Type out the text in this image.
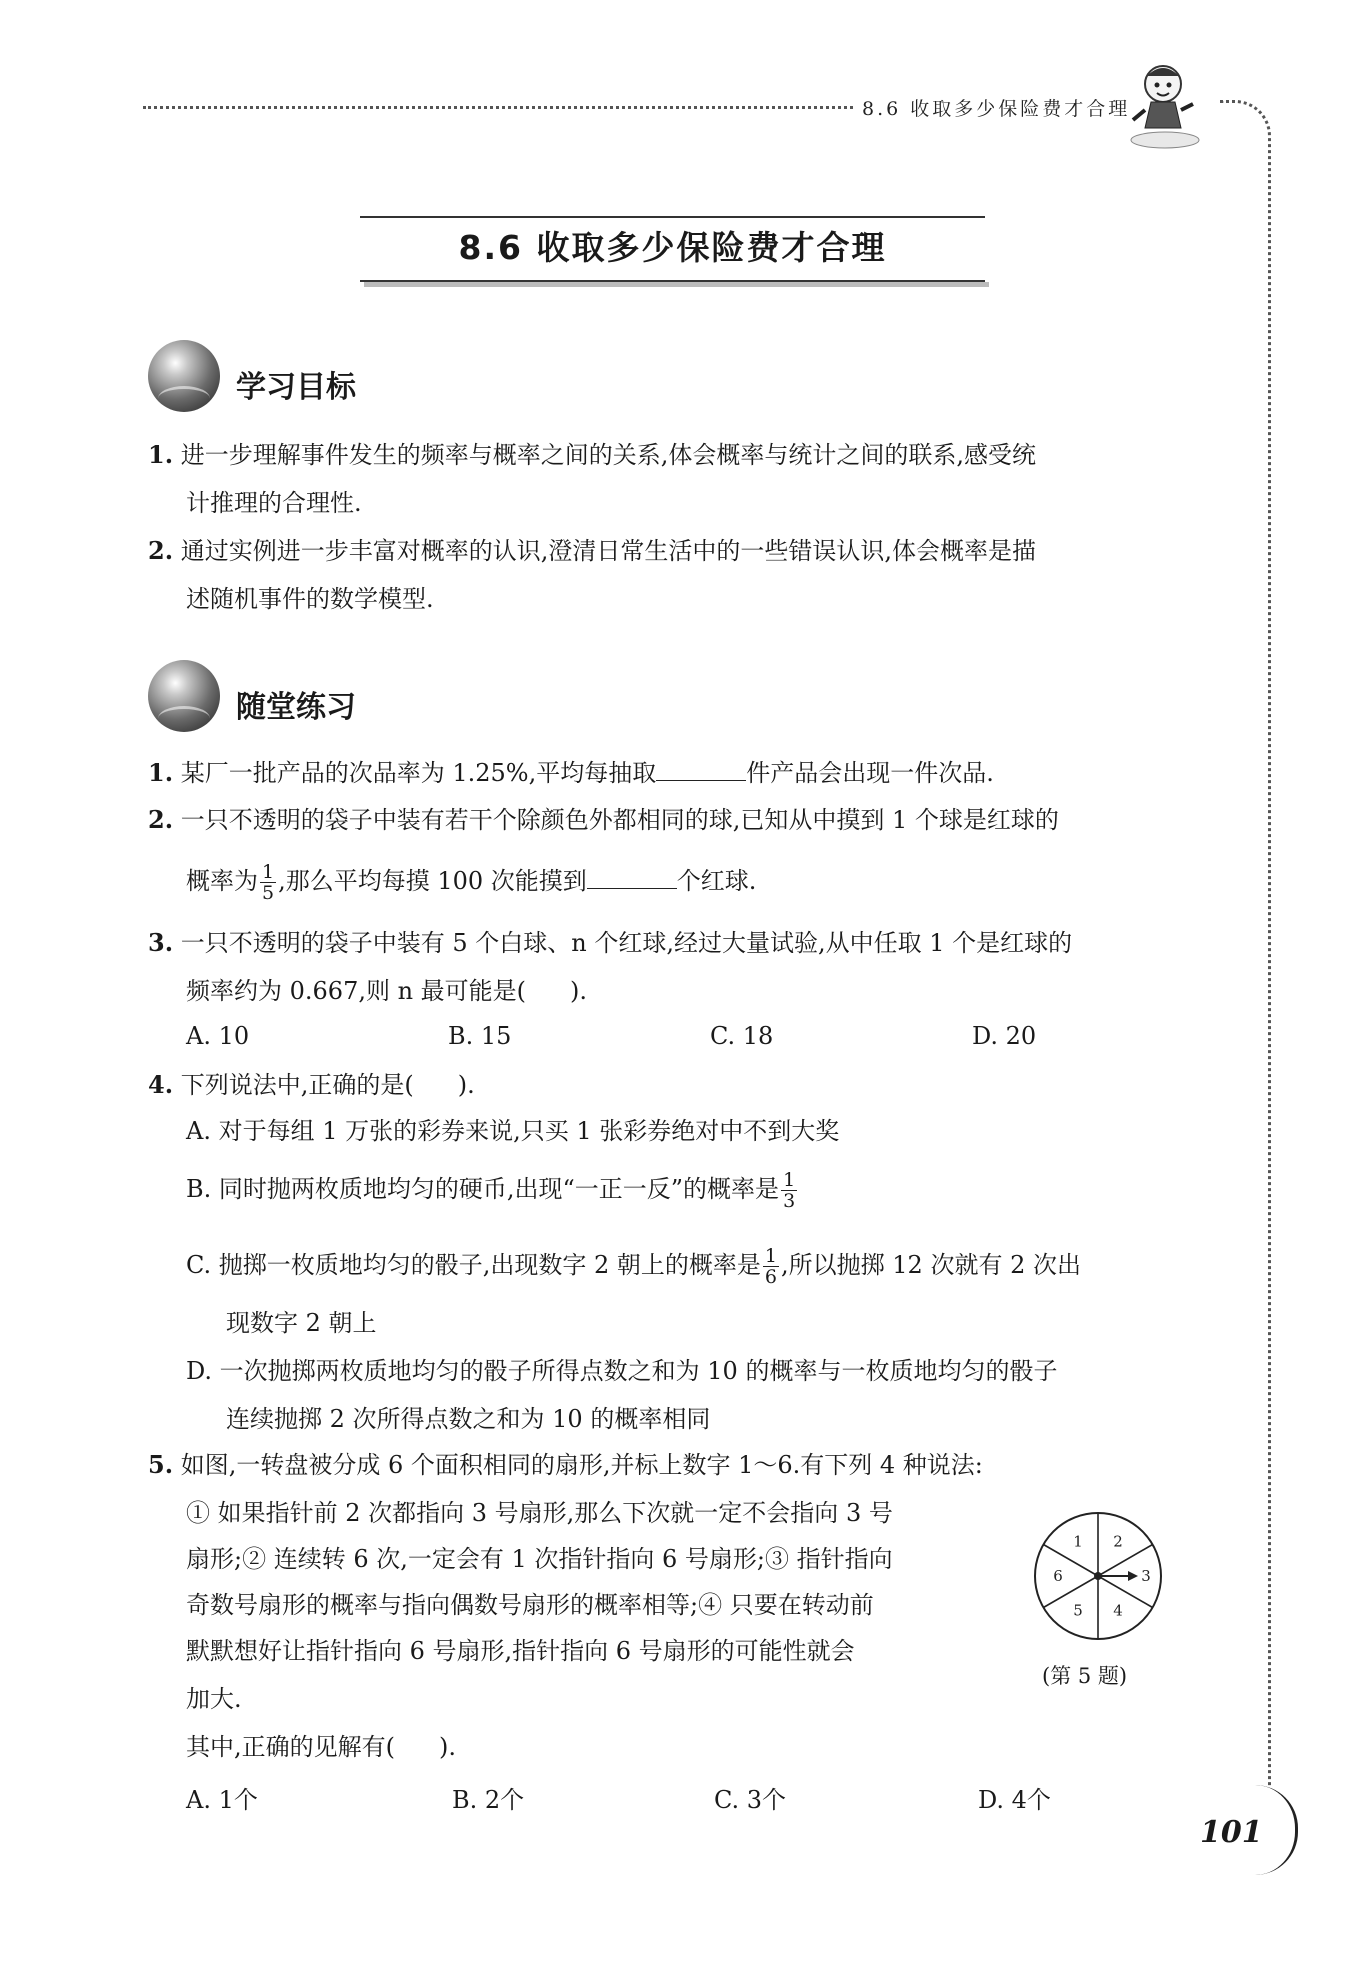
8.6 收取多少保险费才合理
101
8.6 收取多少保险费才合理
学习目标
1. 进一步理解事件发生的频率与概率之间的关系,体会概率与统计之间的联系,感受统
计推理的合理性.
2. 通过实例进一步丰富对概率的认识,澄清日常生活中的一些错误认识,体会概率是描
述随机事件的数学模型.
随堂练习
1. 某厂一批产品的次品率为 1.25%,平均每抽取	件产品会出现一件次品.
2. 一只不透明的袋子中装有若干个除颜色外都相同的球,已知从中摸到 1 个球是红球的
概率为 $\frac{1}{5}$ ,那么平均每摸 100 次能摸到	个红球.
3. 一只不透明的袋子中装有 5 个白球、n 个红球,经过大量试验,从中任取 1 个是红球的
频率约为 0.667,则 n 最可能是( ).
A. 10	B. 15	C. 18	D. 20
4. 下列说法中,正确的是( ).
A. 对于每组 1 万张的彩券来说,只买 1 张彩券绝对中不到大奖
B. 同时抛两枚质地均匀的硬币,出现“一正一反”的概率是 $\frac{1}{3}$
C. 抛掷一枚质地均匀的骰子,出现数字 2 朝上的概率是 $\frac{1}{6}$ ,所以抛掷 12 次就有 2 次出
现数字 2 朝上
D. 一次抛掷两枚质地均匀的骰子所得点数之和为 10 的概率与一枚质地均匀的骰子
连续抛掷 2 次所得点数之和为 10 的概率相同
5. 如图,一转盘被分成 6 个面积相同的扇形,并标上数字 1～6.有下列 4 种说法:
① 如果指针前 2 次都指向 3 号扇形,那么下次就一定不会指向 3 号
扇形;② 连续转 6 次,一定会有 1 次指针指向 6 号扇形;③ 指针指向
奇数号扇形的概率与指向偶数号扇形的概率相等;④ 只要在转动前
默默想好让指针指向 6 号扇形,指针指向 6 号扇形的可能性就会
加大.
其中,正确的见解有( ).
A. 1个	B. 2个	C. 3个	D. 4个
1 2
3
4
5
6
(第 5 题)
